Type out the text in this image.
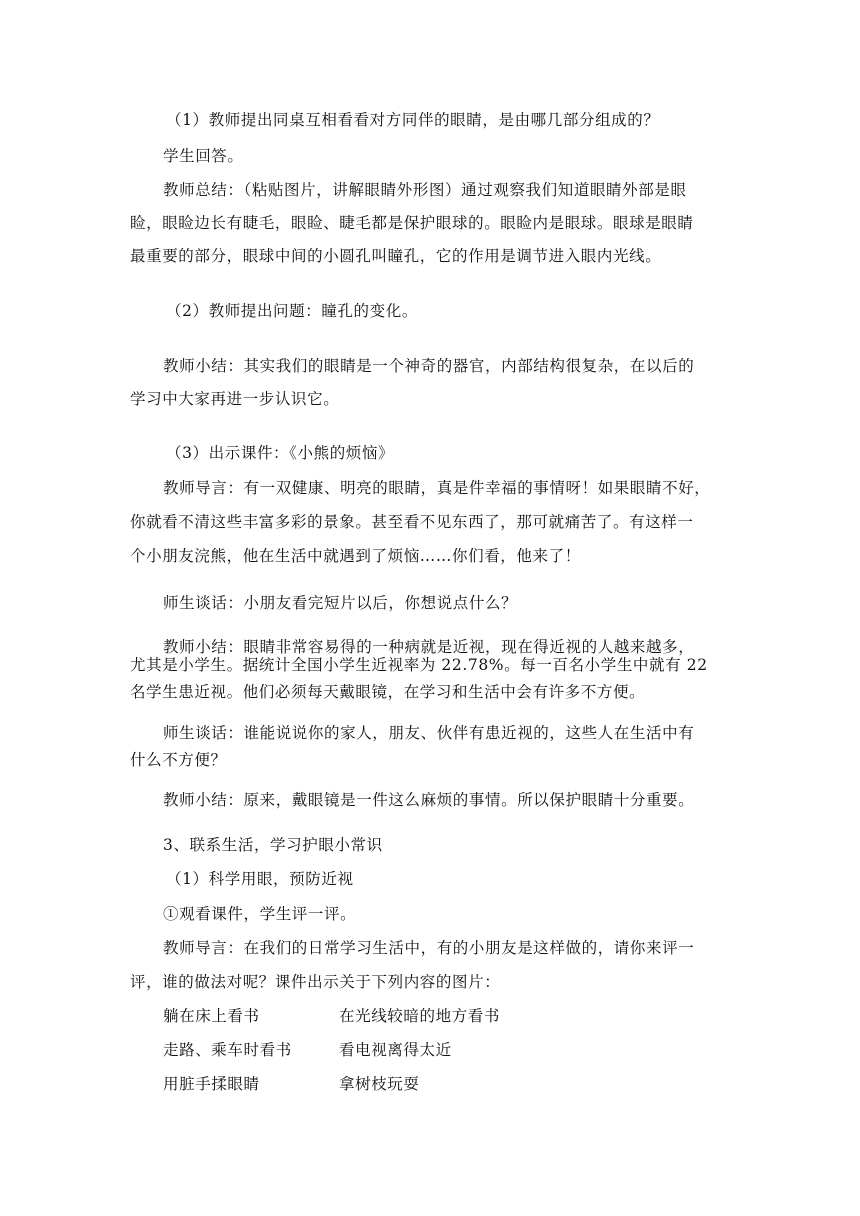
（1）教师提出同桌互相看看对方同伴的眼睛，是由哪几部分组成的？
学生回答。
教师总结：（粘贴图片，讲解眼睛外形图）通过观察我们知道眼睛外部是眼
睑，眼睑边长有睫毛，眼睑、睫毛都是保护眼球的。眼睑内是眼球。眼球是眼睛
最重要的部分，眼球中间的小圆孔叫瞳孔，它的作用是调节进入眼内光线。
（2）教师提出问题：瞳孔的变化。
教师小结：其实我们的眼睛是一个神奇的器官，内部结构很复杂，在以后的
学习中大家再进一步认识它。
（3）出示课件：《小熊的烦恼》
教师导言：有一双健康、明亮的眼睛，真是件幸福的事情呀！如果眼睛不好，
你就看不清这些丰富多彩的景象。甚至看不见东西了，那可就痛苦了。有这样一
个小朋友浣熊，他在生活中就遇到了烦恼……你们看，他来了！
师生谈话：小朋友看完短片以后，你想说点什么？
教师小结：眼睛非常容易得的一种病就是近视，现在得近视的人越来越多，
尤其是小学生。据统计全国小学生近视率为 22.78%。每一百名小学生中就有 22
名学生患近视。他们必须每天戴眼镜，在学习和生活中会有许多不方便。
师生谈话：谁能说说你的家人，朋友、伙伴有患近视的，这些人在生活中有
什么不方便？
教师小结：原来，戴眼镜是一件这么麻烦的事情。所以保护眼睛十分重要。
3、联系生活，学习护眼小常识
（1）科学用眼，预防近视
①观看课件，学生评一评。
教师导言：在我们的日常学习生活中，有的小朋友是这样做的，请你来评一
评，谁的做法对呢？课件出示关于下列内容的图片：
躺在床上看书	在光线较暗的地方看书
走路、乘车时看书	看电视离得太近
用脏手揉眼睛	拿树枝玩耍
